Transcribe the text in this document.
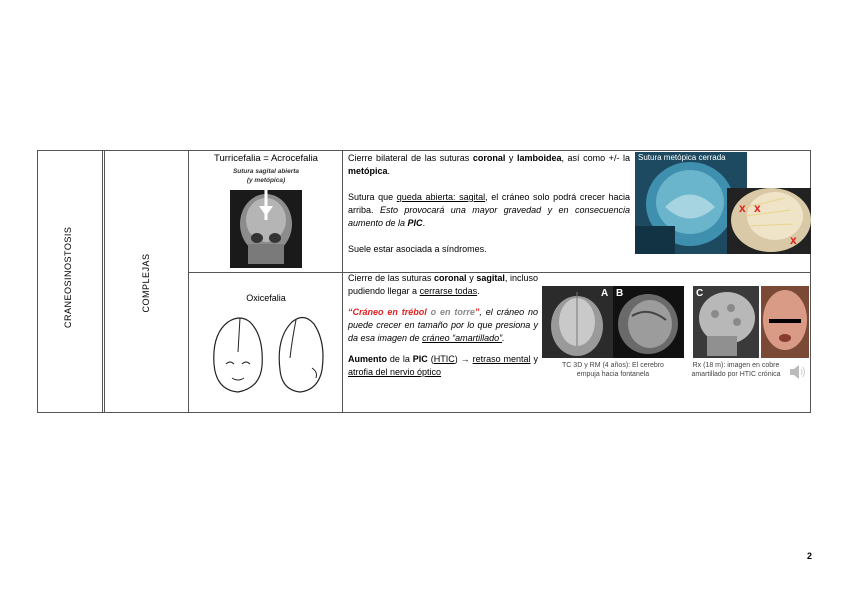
CRANEOSINOSTOSIS	COMPLEJAS
Turricefalia = Acrocefalia
Sutura sagital abierta
(y metópica)

Cierre bilateral de las suturas coronal y lamboidea, así como +/- la metópica.

Sutura que queda abierta: sagital, el cráneo solo podrá crecer hacia arriba. Esto provocará una mayor gravedad y en consecuencia aumento de la PIC.

Suele estar asociada a síndromes.

x x
x
Sutura metópica cerrada
Oxicefalia

Cierre de las suturas coronal y sagital, incluso pudiendo llegar a cerrarse todas.

“Cráneo en trébol o en torre”, el cráneo no puede crecer en tamaño por lo que presiona y da esa imagen de cráneo “amartillado”.

Aumento de la PIC (HTIC) → retraso mental y atrofia del nervio óptico

A B
TC 3D y RM (4 años): El cerebro
empuja hacia fontanela
C
Rx (18 m): imagen en cobre
amartillado por HTIC crónica
2
